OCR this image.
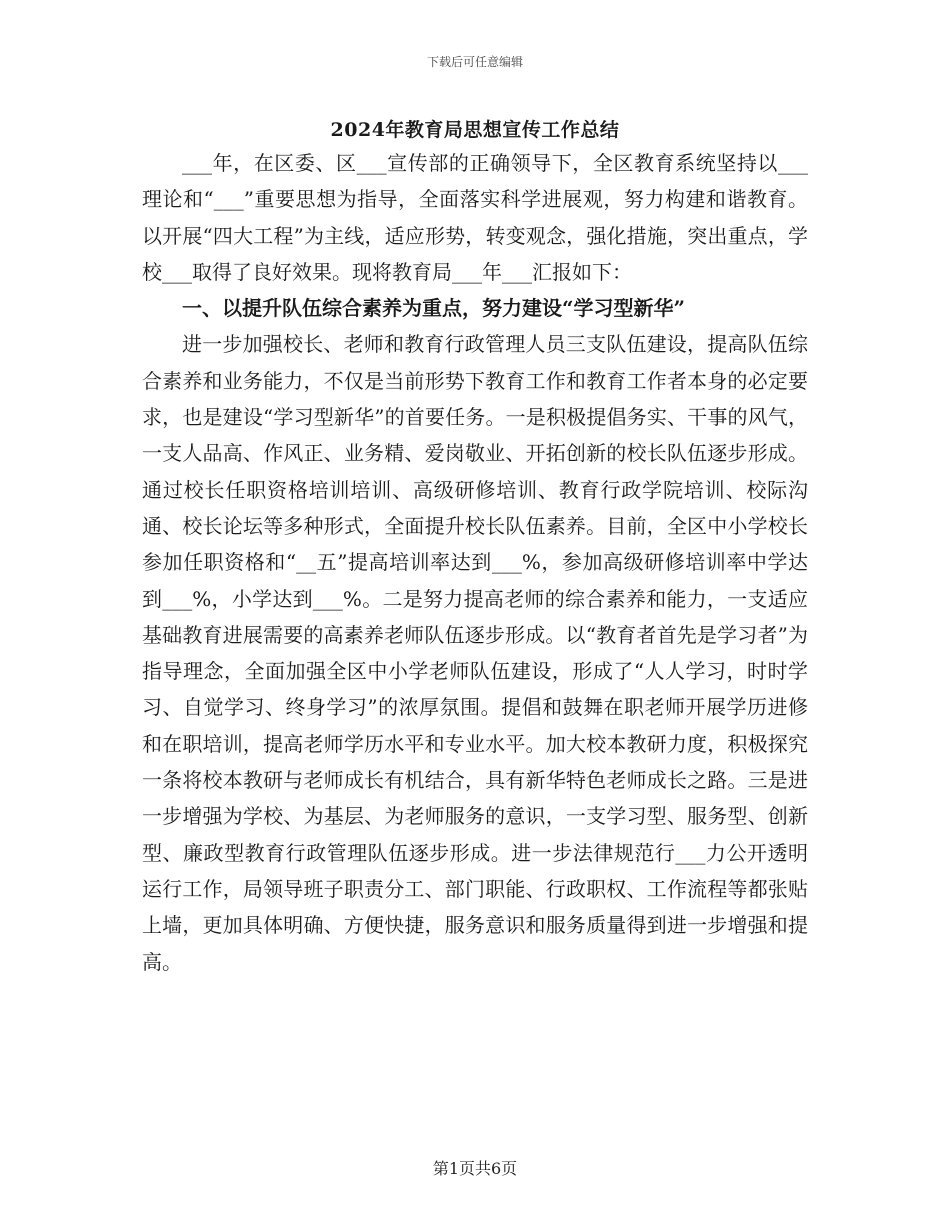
下载后可任意编辑
2024年教育局思想宣传工作总结

___年，在区委、区___宣传部的正确领导下，全区教育系统坚持以___理论和“___”重要思想为指导，全面落实科学进展观，努力构建和谐教育。以开展“四大工程”为主线，适应形势，转变观念，强化措施，突出重点，学校___取得了良好效果。现将教育局___年___汇报如下：

一、以提升队伍综合素养为重点，努力建设“学习型新华”

进一步加强校长、老师和教育行政管理人员三支队伍建设，提高队伍综合素养和业务能力，不仅是当前形势下教育工作和教育工作者本身的必定要求，也是建设“学习型新华”的首要任务。一是积极提倡务实、干事的风气，一支人品高、作风正、业务精、爱岗敬业、开拓创新的校长队伍逐步形成。通过校长任职资格培训培训、高级研修培训、教育行政学院培训、校际沟通、校长论坛等多种形式，全面提升校长队伍素养。目前，全区中小学校长参加任职资格和“__五”提高培训率达到___%，参加高级研修培训率中学达到___%，小学达到___%。二是努力提高老师的综合素养和能力，一支适应基础教育进展需要的高素养老师队伍逐步形成。以“教育者首先是学习者”为指导理念，全面加强全区中小学老师队伍建设，形成了“人人学习，时时学习、自觉学习、终身学习”的浓厚氛围。提倡和鼓舞在职老师开展学历进修和在职培训，提高老师学历水平和专业水平。加大校本教研力度，积极探究一条将校本教研与老师成长有机结合，具有新华特色老师成长之路。三是进一步增强为学校、为基层、为老师服务的意识，一支学习型、服务型、创新型、廉政型教育行政管理队伍逐步形成。进一步法律规范行___力公开透明运行工作，局领导班子职责分工、部门职能、行政职权、工作流程等都张贴上墙，更加具体明确、方便快捷，服务意识和服务质量得到进一步增强和提高。

第1页共6页
